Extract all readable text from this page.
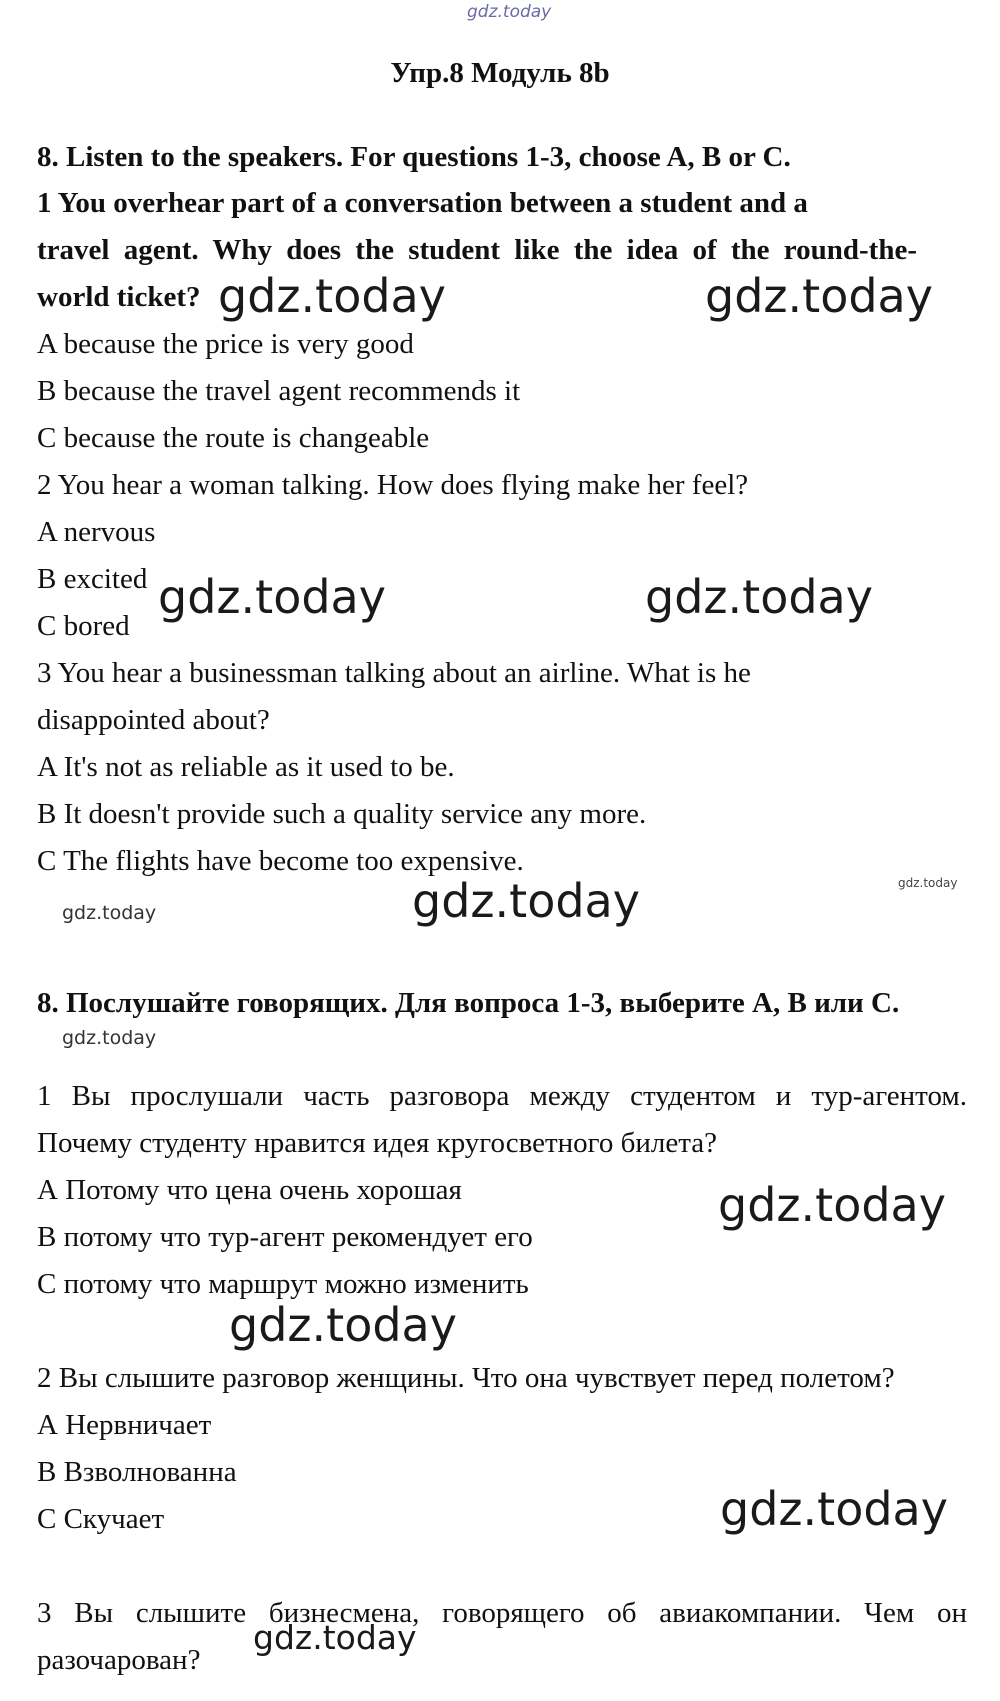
gdz.today
Упр.8 Модуль 8b
8. Listen to the speakers. For questions 1-3, choose A, B or C.
1 You overhear part of a conversation between a student and a
travel agent. Why does the student like the idea of the round-the-
world ticket?
A because the price is very good
B because the travel agent recommends it
C because the route is changeable
2 You hear a woman talking. How does flying make her feel?
A nervous
B excited
C bored
3 You hear a businessman talking about an airline. What is he
disappointed about?
A It's not as reliable as it used to be.
B It doesn't provide such a quality service any more.
C The flights have become too expensive.
8. Послушайте говорящих. Для вопроса 1-3, выберите А, В или С.
1 Вы прослушали часть разговора между студентом и тур-агентом.
Почему студенту нравится идея кругосветного билета?
А Потому что цена очень хорошая
В потому что тур-агент рекомендует его
С потому что маршрут можно изменить
2 Вы слышите разговор женщины. Что она чувствует перед полетом?
А Нервничает
В Взволнованна
С Скучает
3 Вы слышите бизнесмена, говорящего об авиакомпании. Чем он
разочарован?
gdz.today	gdz.today
gdz.today	gdz.today
gdz.today	gdz.today	gdz.today
gdz.today
gdz.today
gdz.today
gdz.today
gdz.today
